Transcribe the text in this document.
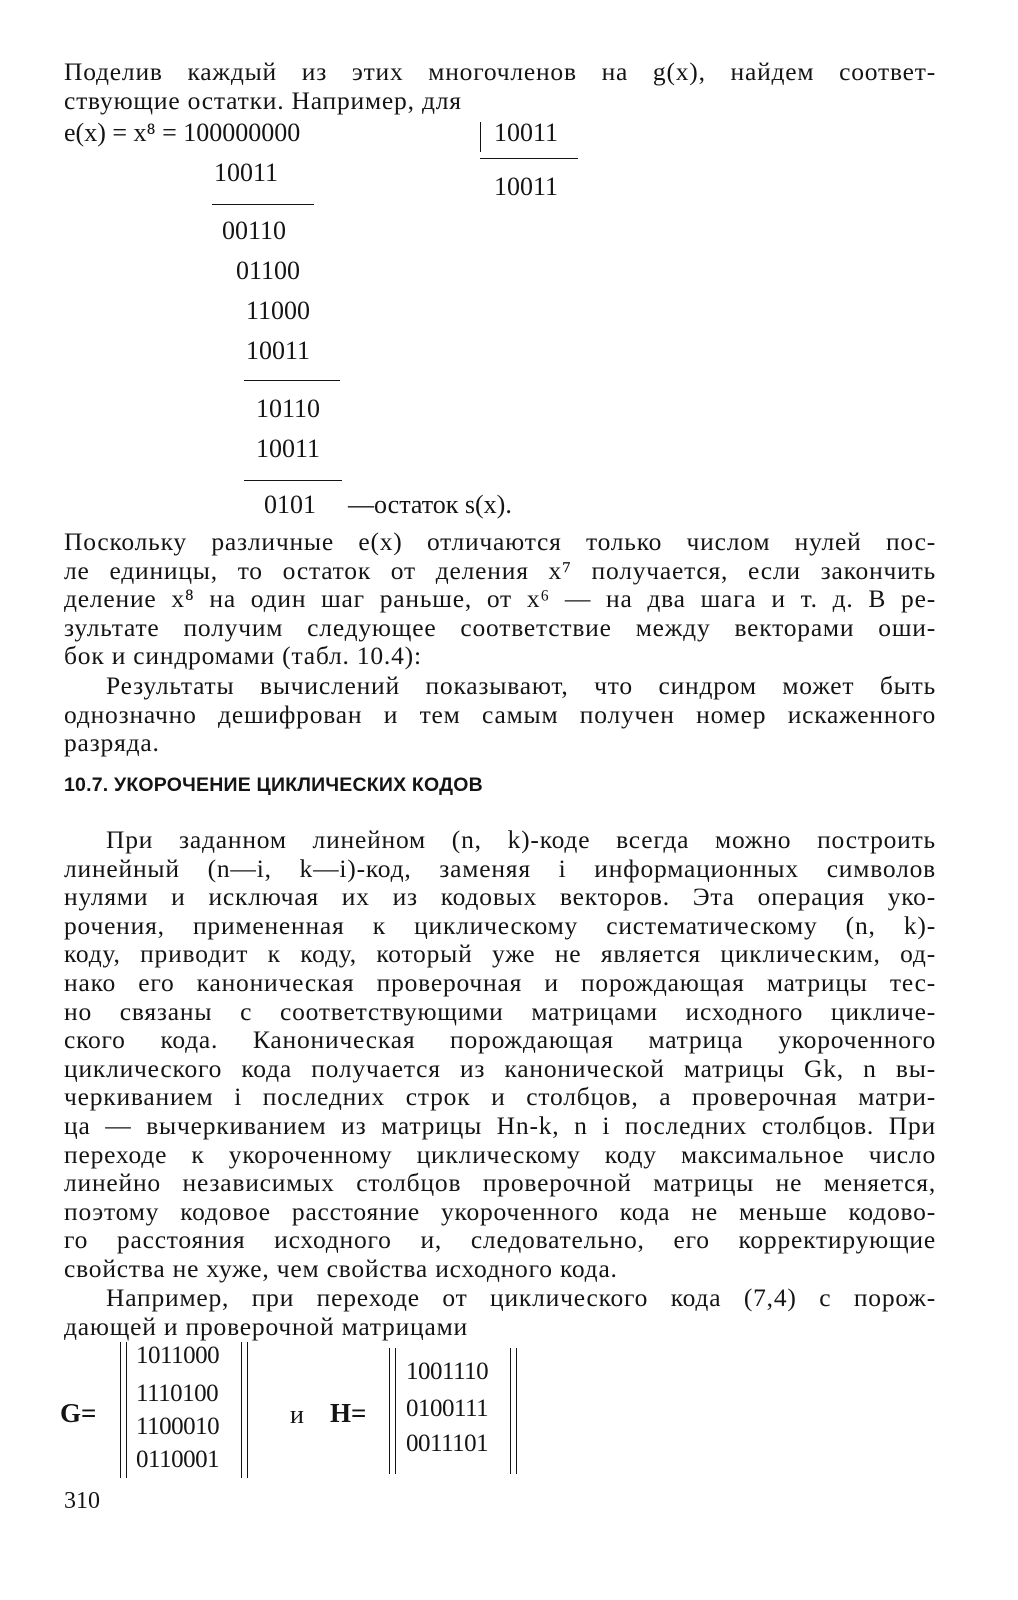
Поделив каждый из этих многочленов на g(x), найдем соответ-
ствующие остатки. Например, для
e(x) = x⁸ = 100000000	10011
10011
10011
00110
01100
11000
10011
10110
10011
0101 —остаток s(x).
Поскольку различные e(x) отличаются только числом нулей пос-
ле единицы, то остаток от деления x⁷ получается, если закончить
деление x⁸ на один шаг раньше, от x⁶ — на два шага и т. д. В ре-
зультате получим следующее соответствие между векторами оши-
бок и синдромами (табл. 10.4):
Результаты вычислений показывают, что синдром может быть
однозначно дешифрован и тем самым получен номер искаженного
разряда.
10.7. УКОРОЧЕНИЕ ЦИКЛИЧЕСКИХ КОДОВ
При заданном линейном (n, k)-коде всегда можно построить
линейный (n—i, k—i)-код, заменяя i информационных символов
нулями и исключая их из кодовых векторов. Эта операция уко-
рочения, примененная к циклическому систематическому (n, k)-
коду, приводит к коду, который уже не является циклическим, од-
нако его каноническая проверочная и порождающая матрицы тес-
но связаны с соответствующими матрицами исходного цикличе-
ского кода. Каноническая порождающая матрица укороченного
циклического кода получается из канонической матрицы Gk, n вы-
черкиванием i последних строк и столбцов, а проверочная матри-
ца — вычеркиванием из матрицы Hn-k, n i последних столбцов. При
переходе к укороченному циклическому коду максимальное число
линейно независимых столбцов проверочной матрицы не меняется,
поэтому кодовое расстояние укороченного кода не меньше кодово-
го расстояния исходного и, следовательно, его корректирующие
свойства не хуже, чем свойства исходного кода.
Например, при переходе от циклического кода (7,4) с порож-
дающей и проверочной матрицами
G=
1011000
1110100
1100010
0110001
и H=
1001110
0100111
0011101
310
